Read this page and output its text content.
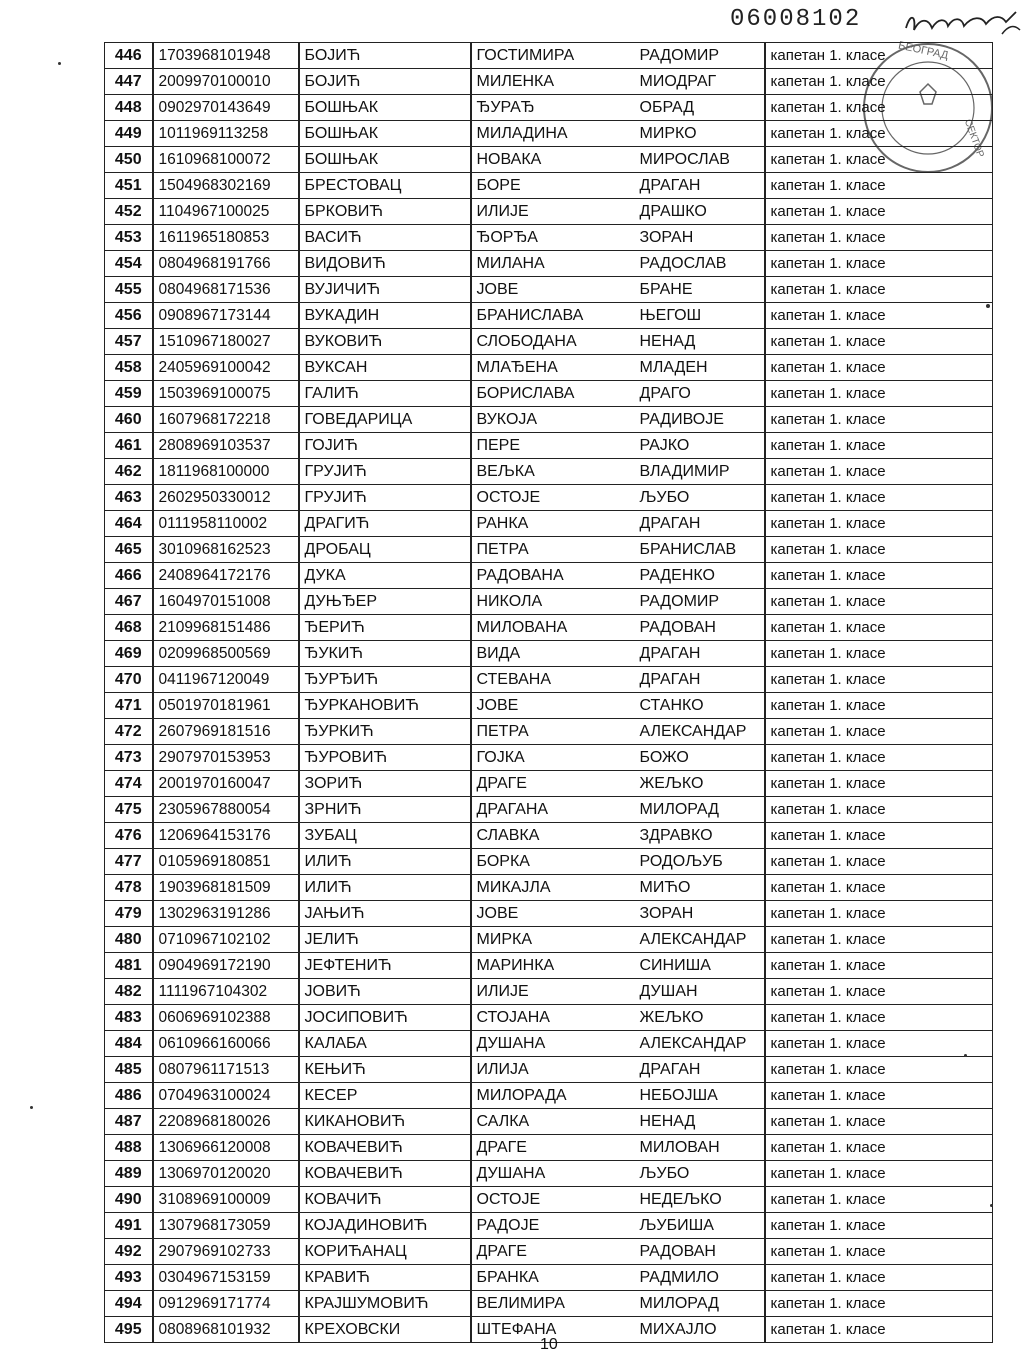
06008102
БЕОГРАД
СЕКТОР
446	1703968101948	БОЈИЋ	ГОСТИМИРА	РАДОМИР	капетан 1. класе
447	2009970100010	БОЈИЋ	МИЛЕНКА	МИОДРАГ	капетан 1. класе
448	0902970143649	БОШЊАК	ЂУРАЂ	ОБРАД	капетан 1. класе
449	1011969113258	БОШЊАК	МИЛАДИНА	МИРКО	капетан 1. класе
450	1610968100072	БОШЊАК	НОВАКА	МИРОСЛАВ	капетан 1. класе
451	1504968302169	БРЕСТОВАЦ	БОРЕ	ДРАГАН	капетан 1. класе
452	1104967100025	БРКОВИЋ	ИЛИЈЕ	ДРАШКО	капетан 1. класе
453	1611965180853	ВАСИЋ	ЂОРЂА	ЗОРАН	капетан 1. класе
454	0804968191766	ВИДОВИЋ	МИЛАНА	РАДОСЛАВ	капетан 1. класе
455	0804968171536	ВУЈИЧИЋ	ЈОВЕ	БРАНЕ	капетан 1. класе
456	0908967173144	ВУКАДИН	БРАНИСЛАВА	ЊЕГОШ	капетан 1. класе
457	1510967180027	ВУКОВИЋ	СЛОБОДАНА	НЕНАД	капетан 1. класе
458	2405969100042	ВУКСАН	МЛАЂЕНА	МЛАДЕН	капетан 1. класе
459	1503969100075	ГАЛИЋ	БОРИСЛАВА	ДРАГО	капетан 1. класе
460	1607968172218	ГОВЕДАРИЦА	ВУКОЈА	РАДИВОЈЕ	капетан 1. класе
461	2808969103537	ГОЈИЋ	ПЕРЕ	РАЈКО	капетан 1. класе
462	1811968100000	ГРУЈИЋ	ВЕЉКА	ВЛАДИМИР	капетан 1. класе
463	2602950330012	ГРУЈИЋ	ОСТОЈЕ	ЉУБО	капетан 1. класе
464	0111958110002	ДРАГИЋ	РАНКА	ДРАГАН	капетан 1. класе
465	3010968162523	ДРОБАЦ	ПЕТРА	БРАНИСЛАВ	капетан 1. класе
466	2408964172176	ДУКА	РАДОВАНА	РАДЕНКО	капетан 1. класе
467	1604970151008	ДУЊЂЕР	НИКОЛА	РАДОМИР	капетан 1. класе
468	2109968151486	ЂЕРИЋ	МИЛОВАНА	РАДОВАН	капетан 1. класе
469	0209968500569	ЂУКИЋ	ВИДА	ДРАГАН	капетан 1. класе
470	0411967120049	ЂУРЂИЋ	СТЕВАНА	ДРАГАН	капетан 1. класе
471	0501970181961	ЂУРКАНОВИЋ	ЈОВЕ	СТАНКО	капетан 1. класе
472	2607969181516	ЂУРКИЋ	ПЕТРА	АЛЕКСАНДАР	капетан 1. класе
473	2907970153953	ЂУРОВИЋ	ГОЈКА	БОЖО	капетан 1. класе
474	2001970160047	ЗОРИЋ	ДРАГЕ	ЖЕЉКО	капетан 1. класе
475	2305967880054	ЗРНИЋ	ДРАГАНА	МИЛОРАД	капетан 1. класе
476	1206964153176	ЗУБАЦ	СЛАВКА	ЗДРАВКО	капетан 1. класе
477	0105969180851	ИЛИЋ	БОРКА	РОДОЉУБ	капетан 1. класе
478	1903968181509	ИЛИЋ	МИКАЈЛА	МИЋО	капетан 1. класе
479	1302963191286	ЈАЊИЋ	ЈОВЕ	ЗОРАН	капетан 1. класе
480	0710967102102	ЈЕЛИЋ	МИРКА	АЛЕКСАНДАР	капетан 1. класе
481	0904969172190	ЈЕФТЕНИЋ	МАРИНКА	СИНИША	капетан 1. класе
482	1111967104302	ЈОВИЋ	ИЛИЈЕ	ДУШАН	капетан 1. класе
483	0606969102388	ЈОСИПОВИЋ	СТОЈАНА	ЖЕЉКО	капетан 1. класе
484	0610966160066	КАЛАБА	ДУШАНА	АЛЕКСАНДАР	капетан 1. класе
485	0807961171513	КЕЊИЋ	ИЛИЈА	ДРАГАН	капетан 1. класе
486	0704963100024	КЕСЕР	МИЛОРАДА	НЕБОЈША	капетан 1. класе
487	2208968180026	КИКАНОВИЋ	САЛКА	НЕНАД	капетан 1. класе
488	1306966120008	КОВАЧЕВИЋ	ДРАГЕ	МИЛОВАН	капетан 1. класе
489	1306970120020	КОВАЧЕВИЋ	ДУШАНА	ЉУБО	капетан 1. класе
490	3108969100009	КОВАЧИЋ	ОСТОЈЕ	НЕДЕЉКО	капетан 1. класе
491	1307968173059	КОЈАДИНОВИЋ	РАДОЈЕ	ЉУБИША	капетан 1. класе
492	2907969102733	КОРИЋАНАЦ	ДРАГЕ	РАДОВАН	капетан 1. класе
493	0304967153159	КРАВИЋ	БРАНКА	РАДМИЛО	капетан 1. класе
494	0912969171774	КРАЈШУМОВИЋ	ВЕЛИМИРА	МИЛОРАД	капетан 1. класе
495	0808968101932	КРЕХОВСКИ	ШТЕФАНА	МИХАЈЛО	капетан 1. класе
10
